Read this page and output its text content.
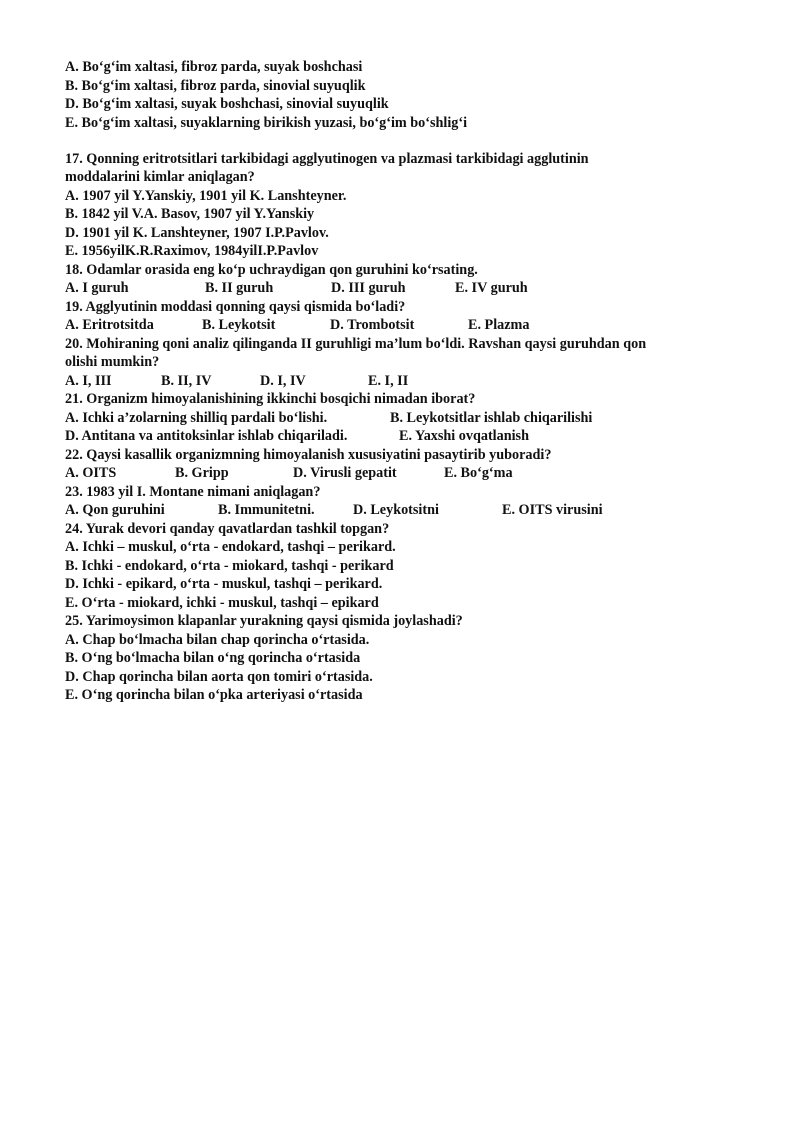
A. Bo‘g‘im xaltasi, fibroz parda, suyak boshchasi
B. Bo‘g‘im xaltasi, fibroz parda, sinovial suyuqlik
D. Bo‘g‘im xaltasi, suyak boshchasi, sinovial suyuqlik
E. Bo‘g‘im xaltasi, suyaklarning birikish yuzasi, bo‘g‘im bo‘shlig‘i
17. Qonning eritrotsitlari tarkibidagi agglyutinogen va plazmasi tarkibidagi agglutinin
moddalarini kimlar aniqlagan?
A. 1907 yil Y.Yanskiy, 1901 yil K. Lanshteyner.
B. 1842 yil V.A. Basov, 1907 yil Y.Yanskiy
D. 1901 yil K. Lanshteyner, 1907 I.P.Pavlov.
E. 1956yilK.R.Raximov, 1984yilI.P.Pavlov
18. Odamlar orasida eng ko‘p uchraydigan qon guruhini ko‘rsating.
A. I guruh	B. II guruh	D. III guruh	E. IV guruh
19. Agglyutinin moddasi qonning qaysi qismida bo‘ladi?
A. Eritrotsitda	B. Leykotsit	D. Trombotsit	E. Plazma
20. Mohiraning qoni analiz qilinganda II guruhligi ma’lum bo‘ldi. Ravshan qaysi guruhdan qon
olishi mumkin?
A. I, III	B. II, IV	D. I, IV	E. I, II
21. Organizm himoyalanishining ikkinchi bosqichi nimadan iborat?
A. Ichki a’zolarning shilliq pardali bo‘lishi.	B. Leykotsitlar ishlab chiqarilishi
D. Antitana va antitoksinlar ishlab chiqariladi.	E. Yaxshi ovqatlanish
22. Qaysi kasallik organizmning himoyalanish xususiyatini pasaytirib yuboradi?
A. OITS	B. Gripp	D. Virusli gepatit	E. Bo‘g‘ma
23. 1983 yil I. Montane nimani aniqlagan?
A. Qon guruhini	B. Immunitetni.	D. Leykotsitni	E. OITS virusini
24. Yurak devori qanday qavatlardan tashkil topgan?
A. Ichki – muskul, o‘rta - endokard, tashqi – perikard.
B. Ichki - endokard, o‘rta - miokard, tashqi - perikard
D. Ichki - epikard, o‘rta - muskul, tashqi – perikard.
E. O‘rta - miokard, ichki - muskul, tashqi – epikard
25. Yarimoysimon klapanlar yurakning qaysi qismida joylashadi?
A. Chap bo‘lmacha bilan chap qorincha o‘rtasida.
B. O‘ng bo‘lmacha bilan o‘ng qorincha o‘rtasida
D. Chap qorincha bilan aorta qon tomiri o‘rtasida.
E. O‘ng qorincha bilan o‘pka arteriyasi o‘rtasida
